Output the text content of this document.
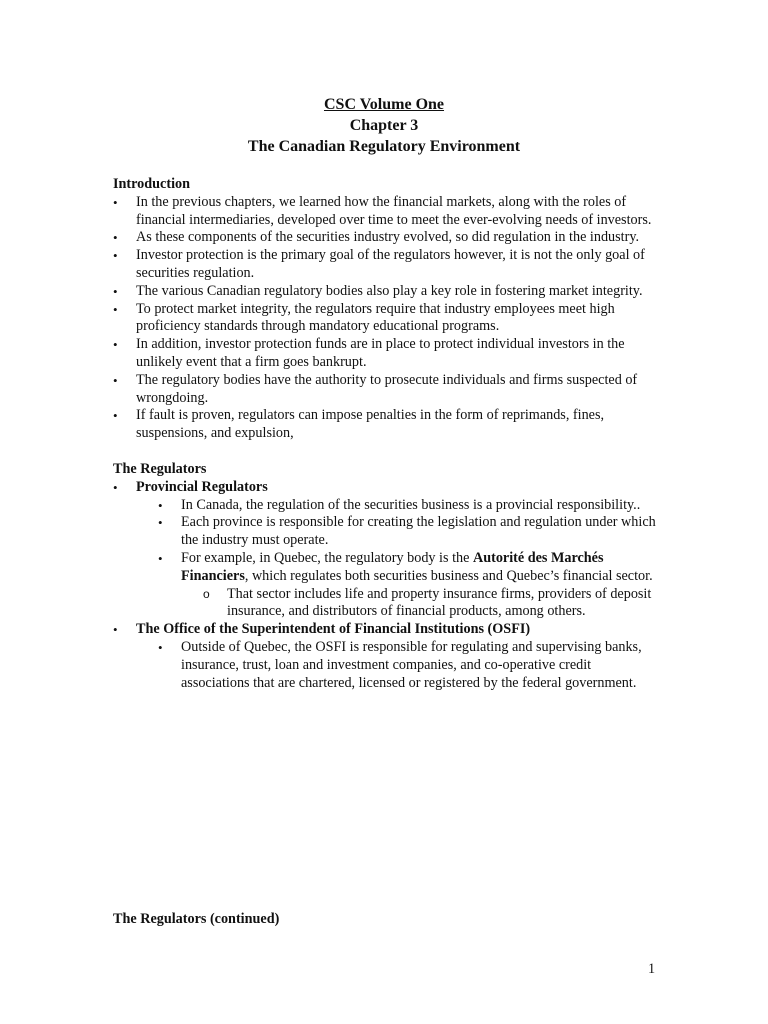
CSC Volume One
Chapter 3
The Canadian Regulatory Environment

Introduction

• In the previous chapters, we learned how the financial markets, along with the roles of financial intermediaries, developed over time to meet the ever-evolving needs of investors.
• As these components of the securities industry evolved, so did regulation in the industry.
• Investor protection is the primary goal of the regulators however, it is not the only goal of securities regulation.
• The various Canadian regulatory bodies also play a key role in fostering market integrity.
• To protect market integrity, the regulators require that industry employees meet high proficiency standards through mandatory educational programs.
• In addition, investor protection funds are in place to protect individual investors in the unlikely event that a firm goes bankrupt.
• The regulatory bodies have the authority to prosecute individuals and firms suspected of wrongdoing.
• If fault is proven, regulators can impose penalties in the form of reprimands, fines, suspensions, and expulsion,

The Regulators

• Provincial Regulators
• In Canada, the regulation of the securities business is a provincial responsibility..
• Each province is responsible for creating the legislation and regulation under which the industry must operate.
• For example, in Quebec, the regulatory body is the Autorité des Marchés Financiers, which regulates both securities business and Quebec’s financial sector.
o That sector includes life and property insurance firms, providers of deposit insurance, and distributors of financial products, among others.
• The Office of the Superintendent of Financial Institutions (OSFI)
• Outside of Quebec, the OSFI is responsible for regulating and supervising banks, insurance, trust, loan and investment companies, and co-operative credit associations that are chartered, licensed or registered by the federal government.
The Regulators (continued)
1
